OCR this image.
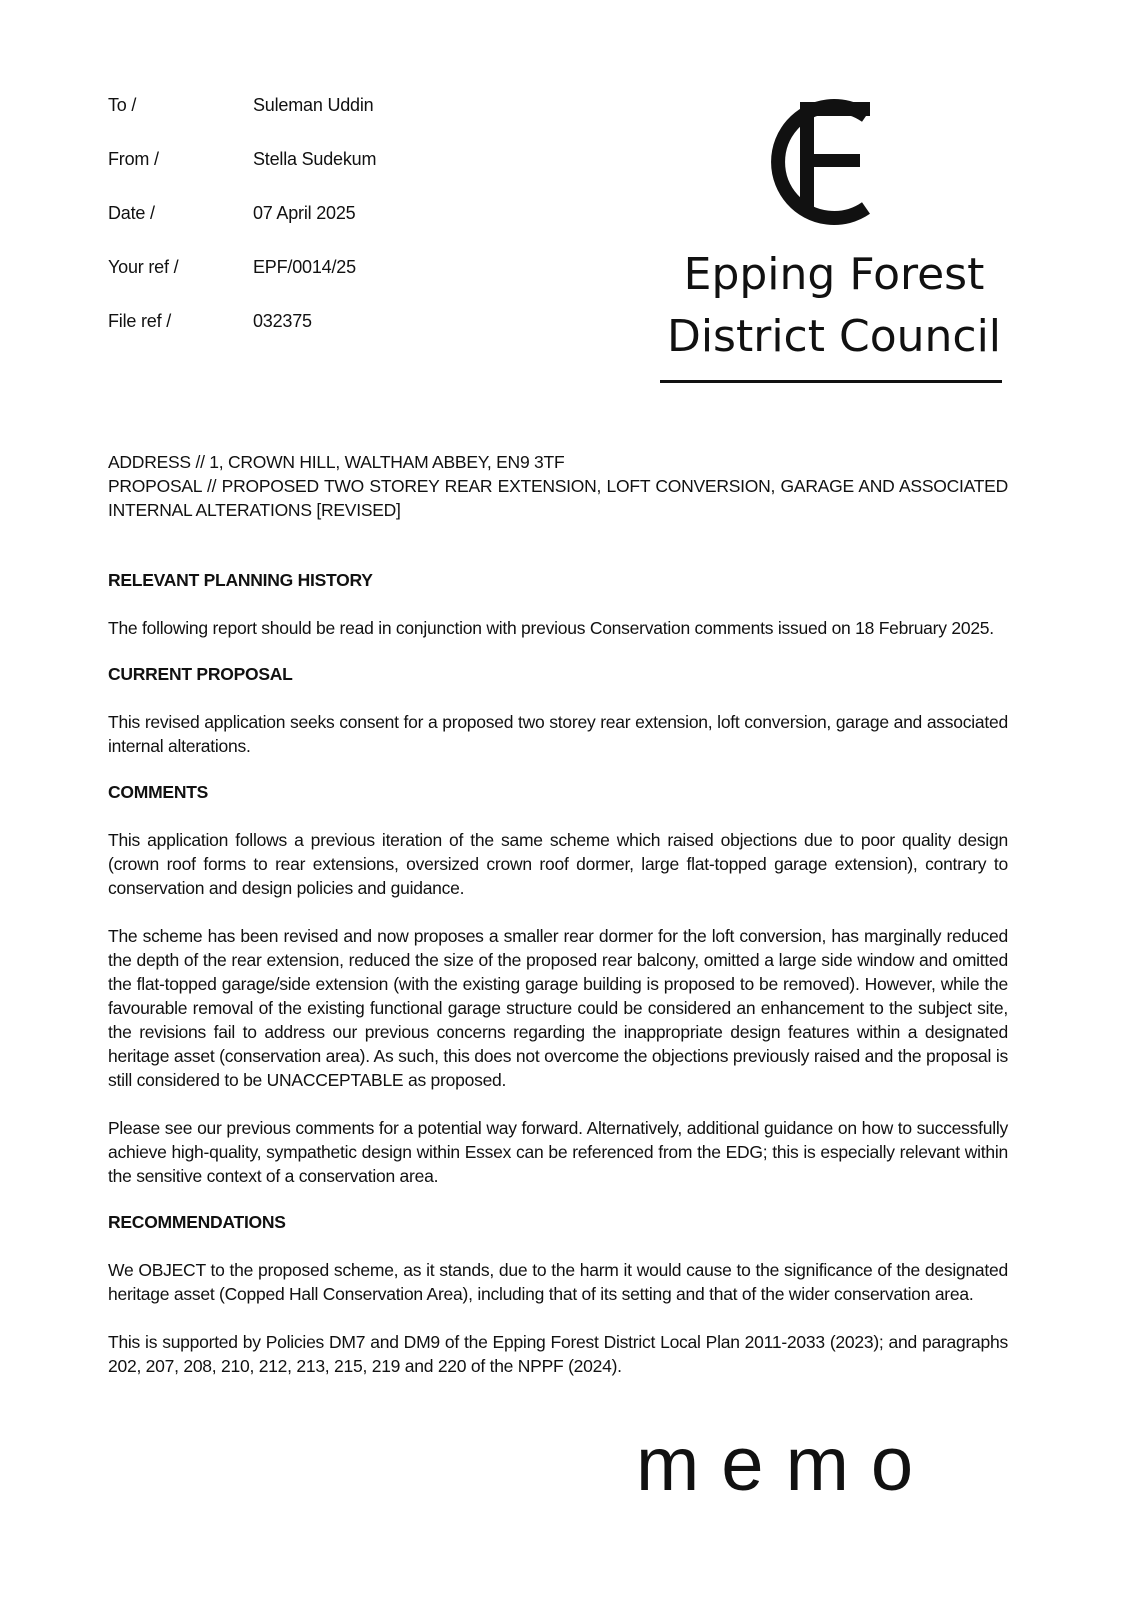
To /	Suleman Uddin
From /	Stella Sudekum
Date /	07 April 2025
Your ref /	EPF/0014/25
File ref /	032375
Epping Forest
District Council

ADDRESS // 1, CROWN HILL, WALTHAM ABBEY, EN9 3TF

PROPOSAL // PROPOSED TWO STOREY REAR EXTENSION, LOFT CONVERSION, GARAGE AND ASSOCIATED INTERNAL ALTERATIONS [REVISED]

RELEVANT PLANNING HISTORY

The following report should be read in conjunction with previous Conservation comments issued on 18 February 2025.

CURRENT PROPOSAL

This revised application seeks consent for a proposed two storey rear extension, loft conversion, garage and associated internal alterations.

COMMENTS

This application follows a previous iteration of the same scheme which raised objections due to poor quality design (crown roof forms to rear extensions, oversized crown roof dormer, large flat-topped garage extension), contrary to conservation and design policies and guidance.

The scheme has been revised and now proposes a smaller rear dormer for the loft conversion, has marginally reduced the depth of the rear extension, reduced the size of the proposed rear balcony, omitted a large side window and omitted the flat-topped garage/side extension (with the existing garage building is proposed to be removed). However, while the favourable removal of the existing functional garage structure could be considered an enhancement to the subject site, the revisions fail to address our previous concerns regarding the inappropriate design features within a designated heritage asset (conservation area). As such, this does not overcome the objections previously raised and the proposal is still considered to be UNACCEPTABLE as proposed.

Please see our previous comments for a potential way forward. Alternatively, additional guidance on how to successfully achieve high-quality, sympathetic design within Essex can be referenced from the EDG; this is especially relevant within the sensitive context of a conservation area.

RECOMMENDATIONS

We OBJECT to the proposed scheme, as it stands, due to the harm it would cause to the significance of the designated heritage asset (Copped Hall Conservation Area), including that of its setting and that of the wider conservation area.

This is supported by Policies DM7 and DM9 of the Epping Forest District Local Plan 2011-2033 (2023); and paragraphs 202, 207, 208, 210, 212, 213, 215, 219 and 220 of the NPPF (2024).

memo
